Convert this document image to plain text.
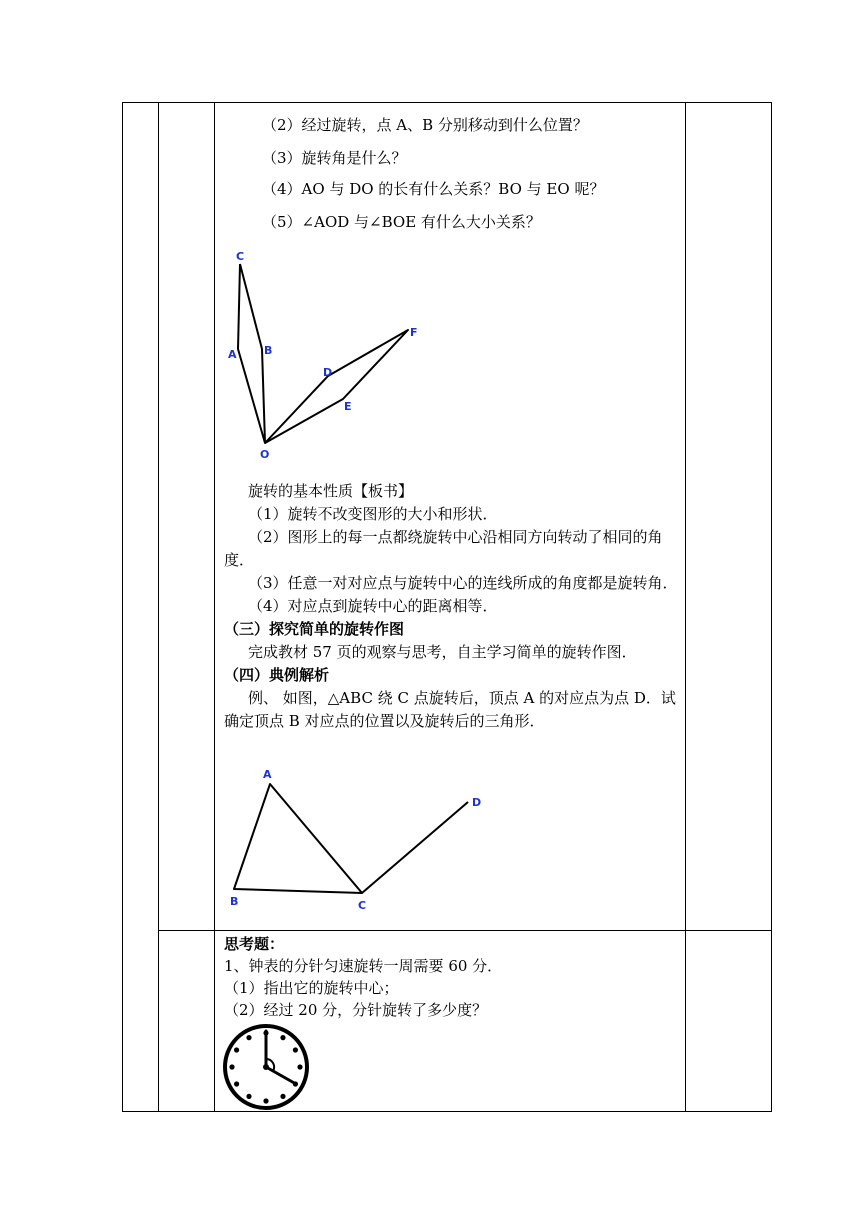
（2）经过旋转，点 A、B 分别移动到什么位置？
（3）旋转角是什么？
（4）AO 与 DO 的长有什么关系？BO 与 EO 呢？
（5）∠AOD 与∠BOE 有什么大小关系？
C
A B
F
D
E
O
旋转的基本性质【板书】
（1）旋转不改变图形的大小和形状．
（2）图形上的每一点都绕旋转中心沿相同方向转动了相同的角度．
（3）任意一对对应点与旋转中心的连线所成的角度都是旋转角．
（4）对应点到旋转中心的距离相等．
（三）探究简单的旋转作图
完成教材 57 页的观察与思考，自主学习简单的旋转作图．
（四）典例解析
例、 如图，△ABC 绕 C 点旋转后，顶点 A 的对应点为点 D．试确定顶点 B 对应点的位置以及旋转后的三角形．
A
B	C
D
思考题：
1、钟表的分针匀速旋转一周需要 60 分．
（1）指出它的旋转中心；
（2）经过 20 分，分针旋转了多少度？
